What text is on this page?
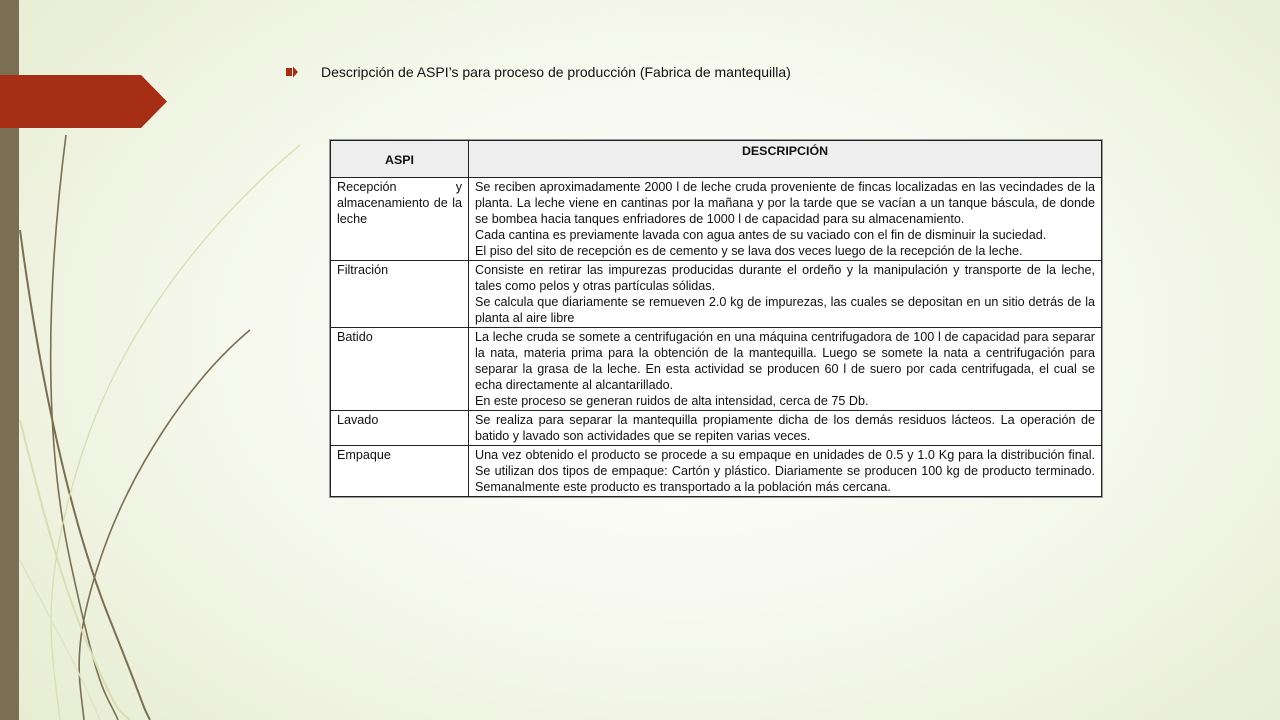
Descripción de ASPI’s para proceso de producción (Fabrica de mantequilla)
ASPI	DESCRIPCIÓN
Recepción y almacenamiento de la leche	Se reciben aproximadamente 2000 l de leche cruda proveniente de fincas localizadas en las vecindades de la planta. La leche viene en cantinas por la mañana y por la tarde que se vacían a un tanque báscula, de donde se bombea hacia tanques enfriadores de 1000 l de capacidad para su almacenamiento.

Cada cantina es previamente lavada con agua antes de su vaciado con el fin de disminuir la suciedad.

El piso del sito de recepción es de cemento y se lava dos veces luego de la recepción de la leche.

Filtración	Consiste en retirar las impurezas producidas durante el ordeño y la manipulación y transporte de la leche, tales como pelos y otras partículas sólidas.

Se calcula que diariamente se remueven 2.0 kg de impurezas, las cuales se depositan en un sitio detrás de la planta al aire libre

Batido	La leche cruda se somete a centrifugación en una máquina centrifugadora de 100 l de capacidad para separar la nata, materia prima para la obtención de la mantequilla. Luego se somete la nata a centrifugación para separar la grasa de la leche. En esta actividad se producen 60 l de suero por cada centrifugada, el cual se echa directamente al alcantarillado.

En este proceso se generan ruidos de alta intensidad, cerca de 75 Db.

Lavado	Se realiza para separar la mantequilla propiamente dicha de los demás residuos lácteos. La operación de batido y lavado son actividades que se repiten varias veces.

Empaque	Una vez obtenido el producto se procede a su empaque en unidades de 0.5 y 1.0 Kg para la distribución final. Se utilizan dos tipos de empaque: Cartón y plástico. Diariamente se producen 100 kg de producto terminado. Semanalmente este producto es transportado a la población más cercana.
